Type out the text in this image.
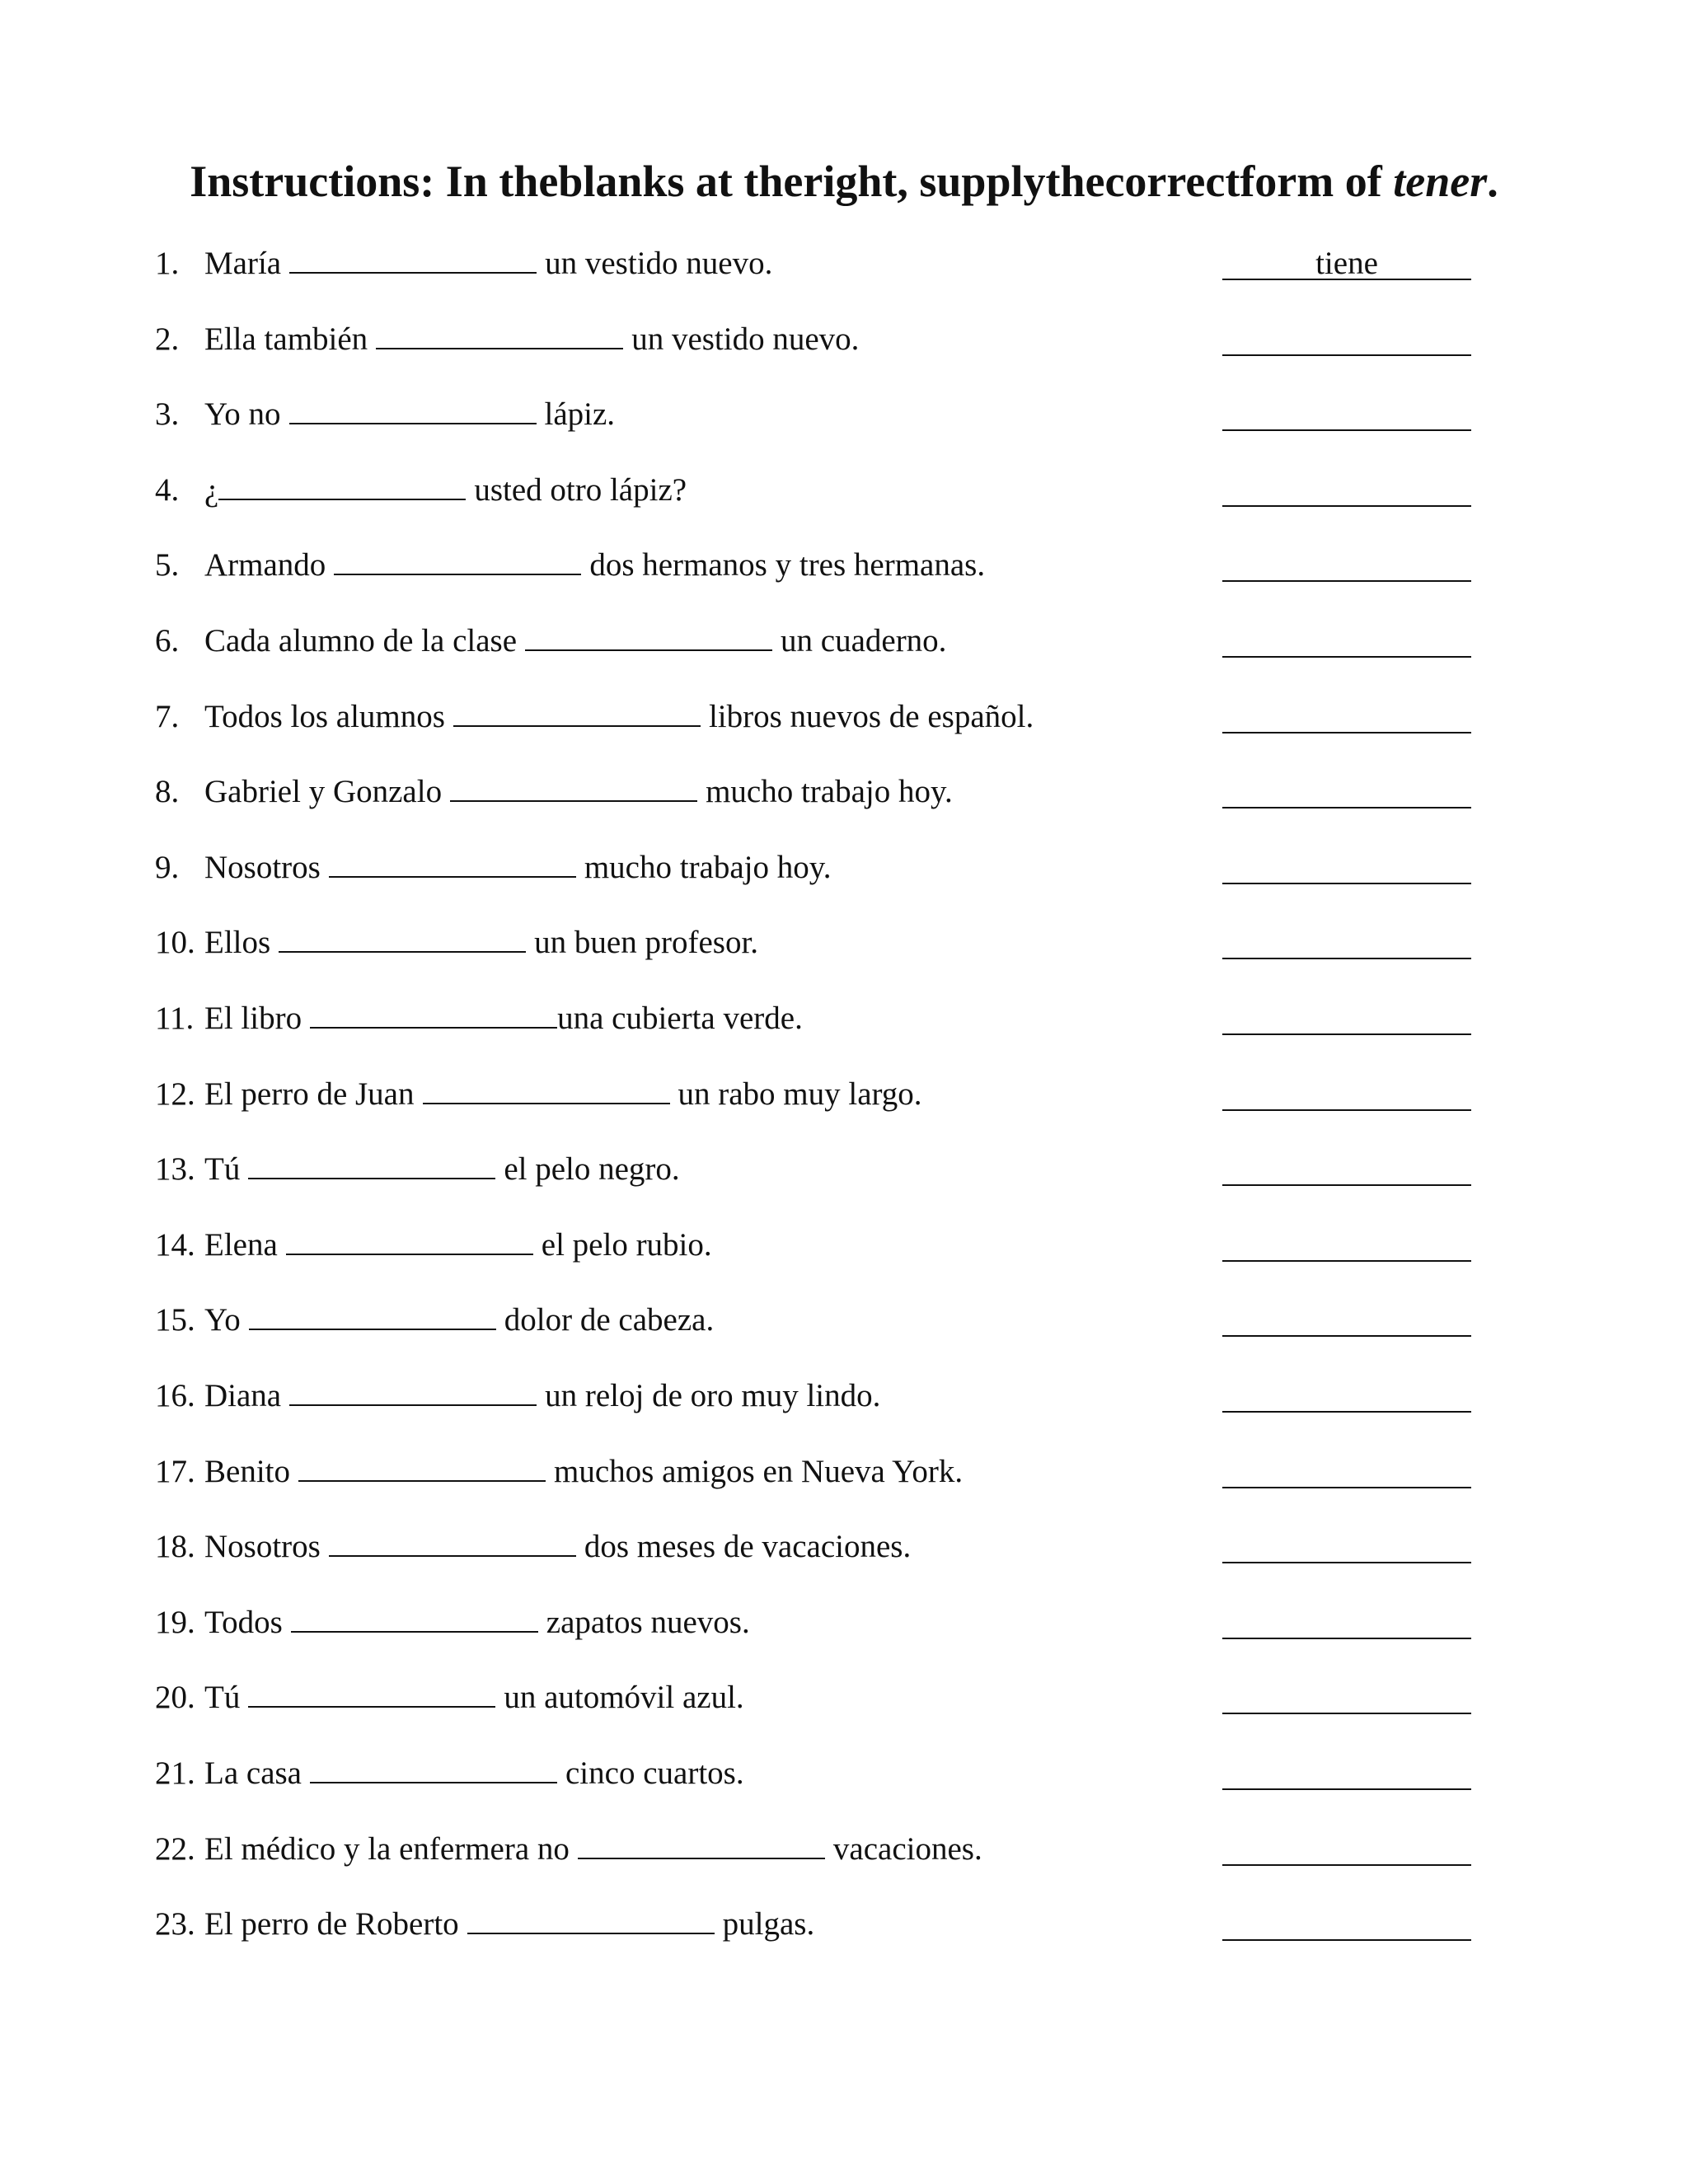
Instructions: In theblanks at theright, supplythecorrectform of tener.
1. María	un vestido nuevo.	tiene
2. Ella también	un vestido nuevo.
3. Yo no	lápiz.
4. ¿	usted otro lápiz?
5. Armando	dos hermanos y tres hermanas.
6. Cada alumno de la clase	un cuaderno.
7. Todos los alumnos	libros nuevos de español.
8. Gabriel y Gonzalo	mucho trabajo hoy.
9. Nosotros	mucho trabajo hoy.
10. Ellos	un buen profesor.
11. El libro	una cubierta verde.
12. El perro de Juan	un rabo muy largo.
13. Tú	el pelo negro.
14. Elena	el pelo rubio.
15. Yo	dolor de cabeza.
16. Diana	un reloj de oro muy lindo.
17. Benito	muchos amigos en Nueva York.
18. Nosotros	dos meses de vacaciones.
19. Todos	zapatos nuevos.
20. Tú	un automóvil azul.
21. La casa	cinco cuartos.
22. El médico y la enfermera no	vacaciones.
23. El perro de Roberto	pulgas.
